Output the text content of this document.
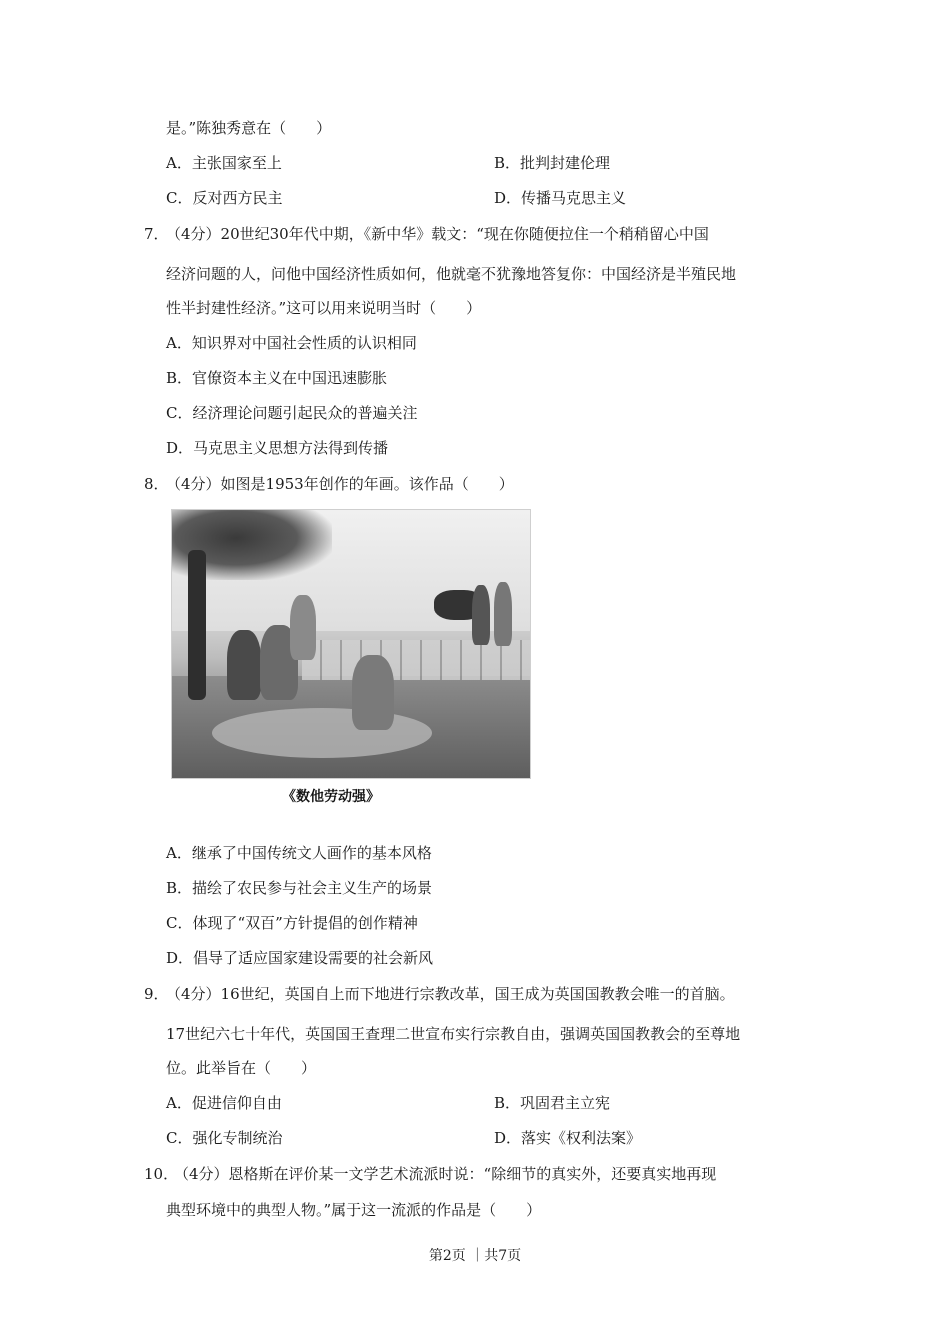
是。”陈独秀意在（　　）
A．主张国家至上	B．批判封建伦理
C．反对西方民主	D．传播马克思主义
7．
（4分）20世纪30年代中期，《新中华》载文：“现在你随便拉住一个稍稍留心中国
经济问题的人，问他中国经济性质如何，他就毫不犹豫地答复你：中国经济是半殖民地
性半封建性经济。”这可以用来说明当时（　　）
A．知识界对中国社会性质的认识相同
B．官僚资本主义在中国迅速膨胀
C．经济理论问题引起民众的普遍关注
D．马克思主义思想方法得到传播
8．
（4分）如图是1953年创作的年画。该作品（　　）
《数他劳动强》
A．继承了中国传统文人画作的基本风格
B．描绘了农民参与社会主义生产的场景
C．体现了“双百”方针提倡的创作精神
D．倡导了适应国家建设需要的社会新风
9．
（4分）16世纪，英国自上而下地进行宗教改革，国王成为英国国教教会唯一的首脑。
17世纪六七十年代，英国国王查理二世宣布实行宗教自由，强调英国国教教会的至尊地
位。此举旨在（　　）
A．促进信仰自由	B．巩固君主立宪
C．强化专制统治	D．落实《权利法案》
10．
（4分）恩格斯在评价某一文学艺术流派时说：“除细节的真实外，还要真实地再现
典型环境中的典型人物。”属于这一流派的作品是（　　）
第2页 ｜共7页
